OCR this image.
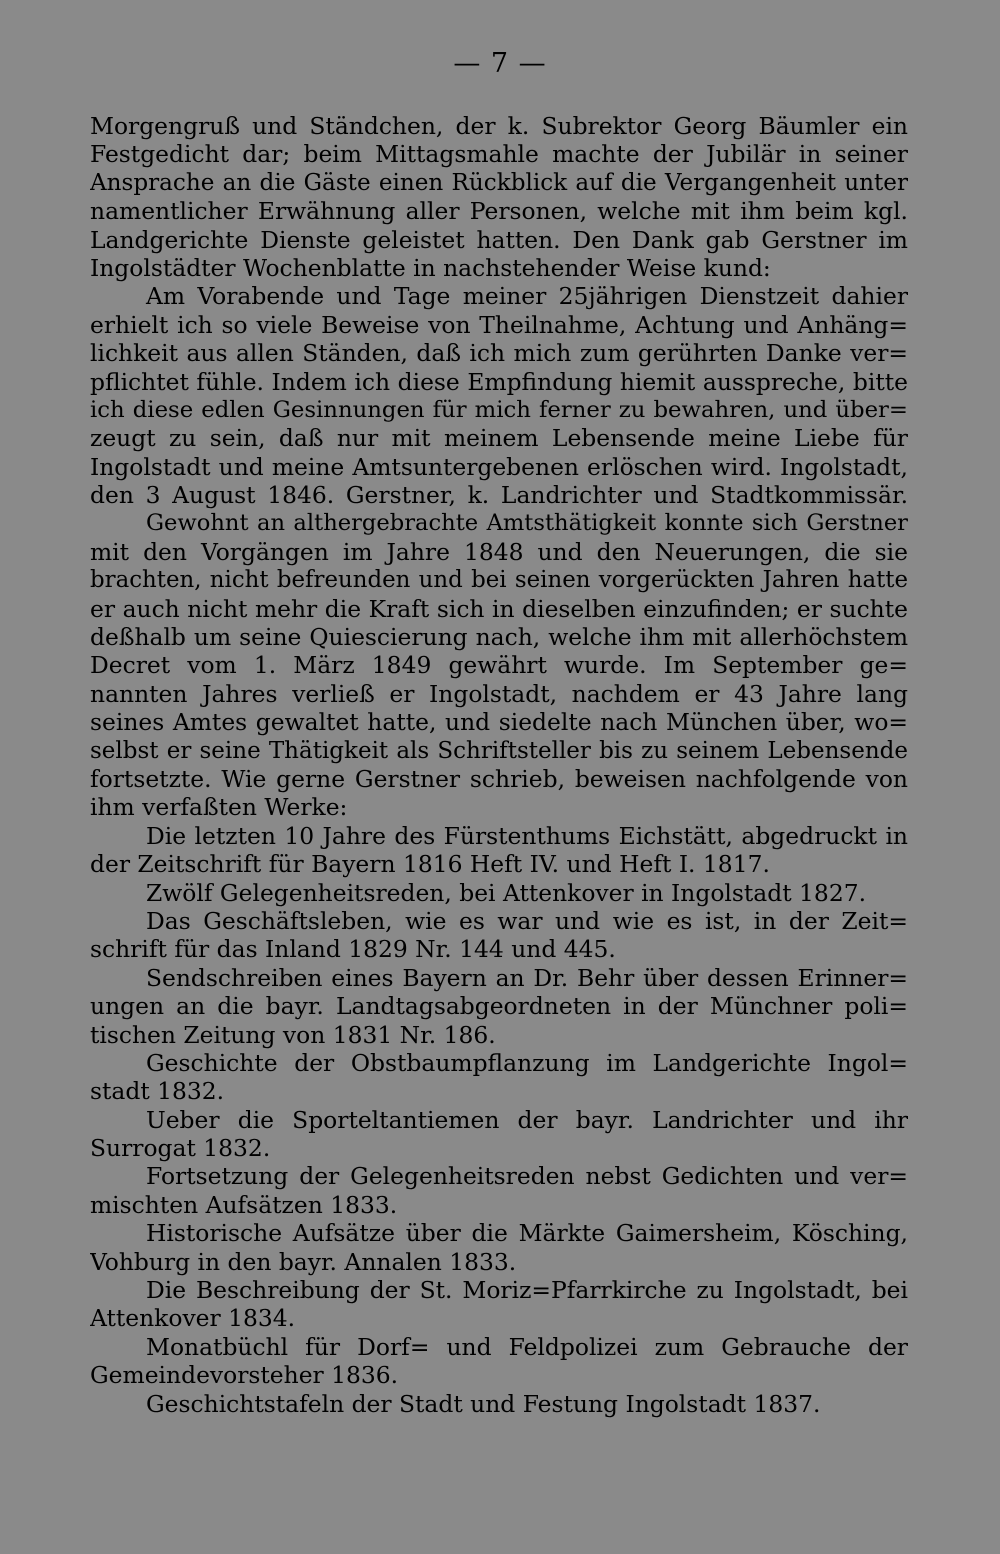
— 7 —
Morgengruß und Ständchen, der k. Subrektor Georg Bäumler ein
Festgedicht dar; beim Mittagsmahle machte der Jubilär in seiner
Ansprache an die Gäste einen Rückblick auf die Vergangenheit unter
namentlicher Erwähnung aller Personen, welche mit ihm beim kgl.
Landgerichte Dienste geleistet hatten. Den Dank gab Gerstner im
Ingolstädter Wochenblatte in nachstehender Weise kund:
Am Vorabende und Tage meiner 25jährigen Dienstzeit dahier
erhielt ich so viele Beweise von Theilnahme, Achtung und Anhäng=
lichkeit aus allen Ständen, daß ich mich zum gerührten Danke ver=
pflichtet fühle. Indem ich diese Empfindung hiemit ausspreche, bitte
ich diese edlen Gesinnungen für mich ferner zu bewahren, und über=
zeugt zu sein, daß nur mit meinem Lebensende meine Liebe für
Ingolstadt und meine Amtsuntergebenen erlöschen wird. Ingolstadt,
den 3 August 1846. Gerstner, k. Landrichter und Stadtkommissär.
Gewohnt an althergebrachte Amtsthätigkeit konnte sich Gerstner
mit den Vorgängen im Jahre 1848 und den Neuerungen, die sie
brachten, nicht befreunden und bei seinen vorgerückten Jahren hatte
er auch nicht mehr die Kraft sich in dieselben einzufinden; er suchte
deßhalb um seine Quiescierung nach, welche ihm mit allerhöchstem
Decret vom 1. März 1849 gewährt wurde. Im September ge=
nannten Jahres verließ er Ingolstadt, nachdem er 43 Jahre lang
seines Amtes gewaltet hatte, und siedelte nach München über, wo=
selbst er seine Thätigkeit als Schriftsteller bis zu seinem Lebensende
fortsetzte. Wie gerne Gerstner schrieb, beweisen nachfolgende von
ihm verfaßten Werke:
Die letzten 10 Jahre des Fürstenthums Eichstätt, abgedruckt in
der Zeitschrift für Bayern 1816 Heft IV. und Heft I. 1817.
Zwölf Gelegenheitsreden, bei Attenkover in Ingolstadt 1827.
Das Geschäftsleben, wie es war und wie es ist, in der Zeit=
schrift für das Inland 1829 Nr. 144 und 445.
Sendschreiben eines Bayern an Dr. Behr über dessen Erinner=
ungen an die bayr. Landtagsabgeordneten in der Münchner poli=
tischen Zeitung von 1831 Nr. 186.
Geschichte der Obstbaumpflanzung im Landgerichte Ingol=
stadt 1832.
Ueber die Sporteltantiemen der bayr. Landrichter und ihr
Surrogat 1832.
Fortsetzung der Gelegenheitsreden nebst Gedichten und ver=
mischten Aufsätzen 1833.
Historische Aufsätze über die Märkte Gaimersheim, Kösching,
Vohburg in den bayr. Annalen 1833.
Die Beschreibung der St. Moriz=Pfarrkirche zu Ingolstadt, bei
Attenkover 1834.
Monatbüchl für Dorf= und Feldpolizei zum Gebrauche der
Gemeindevorsteher 1836.
Geschichtstafeln der Stadt und Festung Ingolstadt 1837.
